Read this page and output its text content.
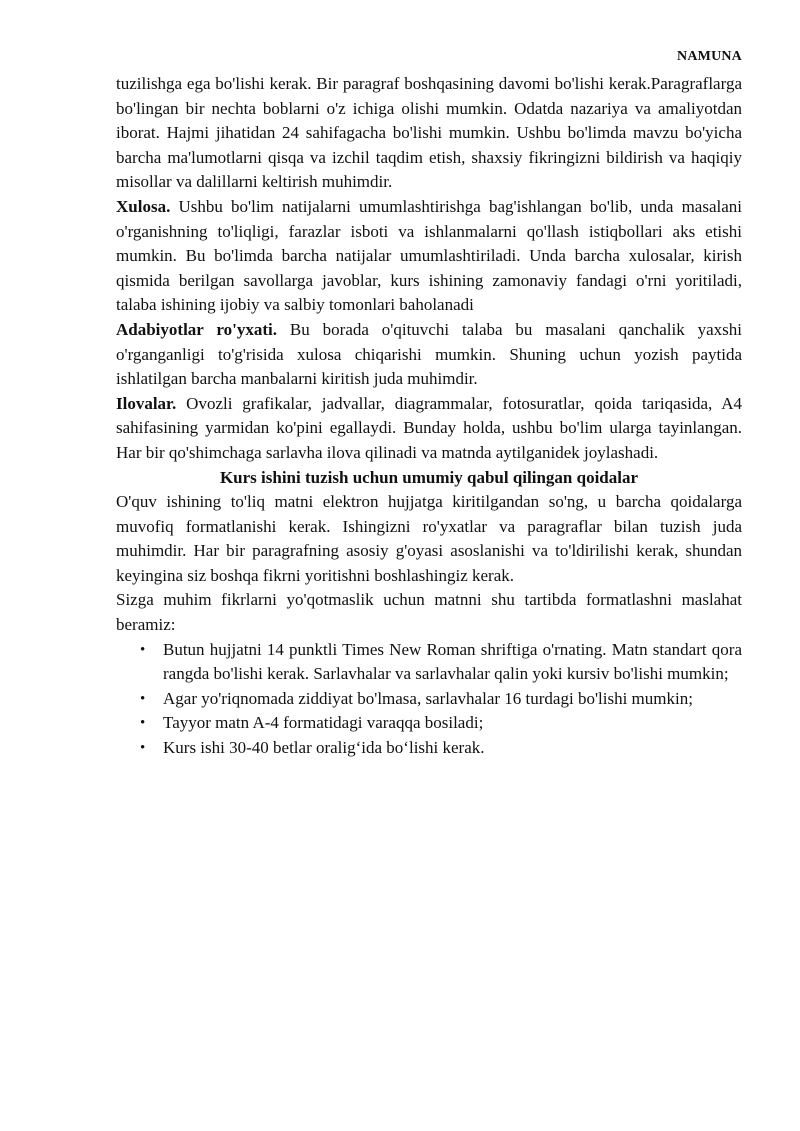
NAMUNA

tuzilishga ega bo'lishi kerak. Bir paragraf boshqasining davomi bo'lishi kerak.Paragraflarga bo'lingan bir nechta boblarni o'z ichiga olishi mumkin. Odatda nazariya va amaliyotdan iborat. Hajmi jihatidan 24 sahifagacha bo'lishi mumkin. Ushbu bo'limda mavzu bo'yicha barcha ma'lumotlarni qisqa va izchil taqdim etish, shaxsiy fikringizni bildirish va haqiqiy misollar va dalillarni keltirish muhimdir.

Xulosa. Ushbu bo'lim natijalarni umumlashtirishga bag'ishlangan bo'lib, unda masalani o'rganishning to'liqligi, farazlar isboti va ishlanmalarni qo'llash istiqbollari aks etishi mumkin. Bu bo'limda barcha natijalar umumlashtiriladi. Unda barcha xulosalar, kirish qismida berilgan savollarga javoblar, kurs ishining zamonaviy fandagi o'rni yoritiladi, talaba ishining ijobiy va salbiy tomonlari baholanadi

Adabiyotlar ro'yxati. Bu borada o'qituvchi talaba bu masalani qanchalik yaxshi o'rganganligi to'g'risida xulosa chiqarishi mumkin. Shuning uchun yozish paytida ishlatilgan barcha manbalarni kiritish juda muhimdir.

Ilovalar. Ovozli grafikalar, jadvallar, diagrammalar, fotosuratlar, qoida tariqasida, A4 sahifasining yarmidan ko'pini egallaydi. Bunday holda, ushbu bo'lim ularga tayinlangan. Har bir qo'shimchaga sarlavha ilova qilinadi va matnda aytilganidek joylashadi.

Kurs ishini tuzish uchun umumiy qabul qilingan qoidalar

O'quv ishining to'liq matni elektron hujjatga kiritilgandan so'ng, u barcha qoidalarga muvofiq formatlanishi kerak. Ishingizni ro'yxatlar va paragraflar bilan tuzish juda muhimdir. Har bir paragrafning asosiy g'oyasi asoslanishi va to'ldirilishi kerak, shundan keyingina siz boshqa fikrni yoritishni boshlashingiz kerak.

Sizga muhim fikrlarni yo'qotmaslik uchun matnni shu tartibda formatlashni maslahat beramiz:

• Butun hujjatni 14 punktli Times New Roman shriftiga o'rnating. Matn standart qora rangda bo'lishi kerak. Sarlavhalar va sarlavhalar qalin yoki kursiv bo'lishi mumkin;
• Agar yo'riqnomada ziddiyat bo'lmasa, sarlavhalar 16 turdagi bo'lishi mumkin;
• Tayyor matn A-4 formatidagi varaqqa bosiladi;
• Kurs ishi 30-40 betlar oralig‘ida bo‘lishi kerak.
